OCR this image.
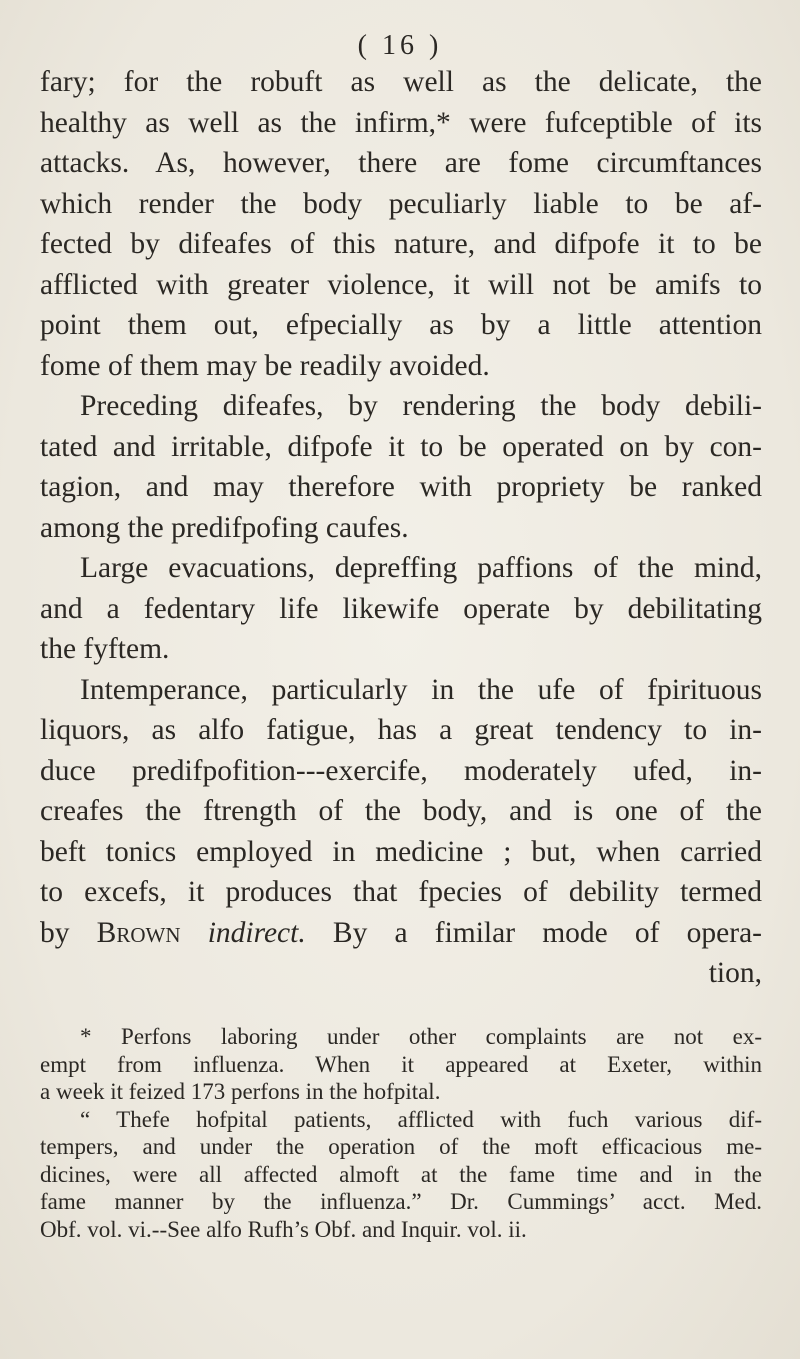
( 16 )
fary; for the robuft as well as the delicate, the
healthy as well as the infirm,* were fufceptible of its
attacks. As, however, there are fome circumftances
which render the body peculiarly liable to be af-
fected by difeafes of this nature, and difpofe it to be
afflicted with greater violence, it will not be amifs to
point them out, efpecially as by a little attention
fome of them may be readily avoided.
Preceding difeafes, by rendering the body debili-
tated and irritable, difpofe it to be operated on by con-
tagion, and may therefore with propriety be ranked
among the predifpofing caufes.
Large evacuations, depreffing paffions of the mind,
and a fedentary life likewife operate by debilitating
the fyftem.
Intemperance, particularly in the ufe of fpirituous
liquors, as alfo fatigue, has a great tendency to in-
duce predifpofition---exercife, moderately ufed, in-
creafes the ftrength of the body, and is one of the
beft tonics employed in medicine ; but, when carried
to excefs, it produces that fpecies of debility termed
by Brown indirect. By a fimilar mode of opera-
tion,
* Perfons laboring under other complaints are not ex-
empt from influenza. When it appeared at Exeter, within
a week it feized 173 perfons in the hofpital.
“ Thefe hofpital patients, afflicted with fuch various dif-
tempers, and under the operation of the moft efficacious me-
dicines, were all affected almoft at the fame time and in the
fame manner by the influenza.” Dr. Cummings’ acct. Med.
Obf. vol. vi.--See alfo Rufh’s Obf. and Inquir. vol. ii.
